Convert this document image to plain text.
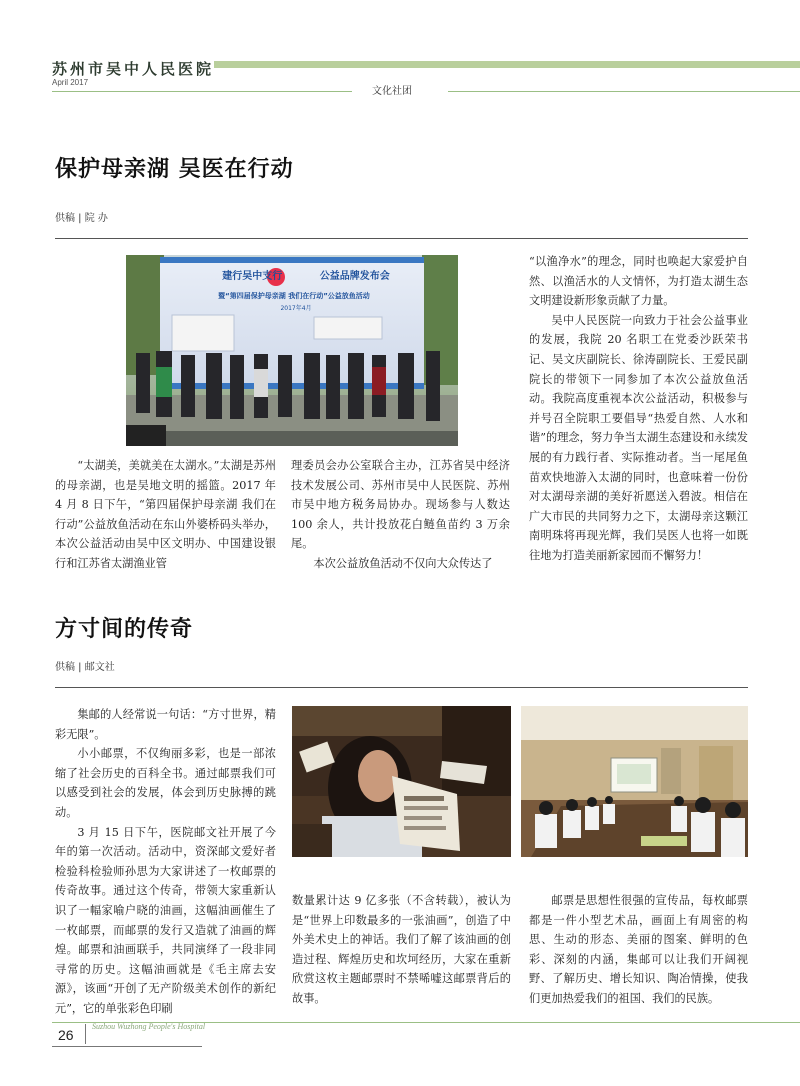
苏州市吴中人民医院
April 2017
文化社团
保护母亲湖 吴医在行动
供稿 | 院 办
建行吴中支行	公益品牌发布会
暨“第四届保护母亲湖 我们在行动”公益放鱼活动
2017年4月

“太湖美，美就美在太湖水。”太湖是苏州的母亲湖，也是吴地文明的摇篮。2017 年 4 月 8 日下午，“第四届保护母亲湖 我们在行动”公益放鱼活动在东山外婆桥码头举办，本次公益活动由吴中区文明办、中国建设银行和江苏省太湖渔业管

理委员会办公室联合主办，江苏省吴中经济技术发展公司、苏州市吴中人民医院、苏州市吴中地方税务局协办。现场参与人数达 100 余人，共计投放花白鲢鱼苗约 3 万余尾。

本次公益放鱼活动不仅向大众传达了

“以渔净水”的理念，同时也唤起大家爱护自然、以渔活水的人文情怀，为打造太湖生态文明建设新形象贡献了力量。

吴中人民医院一向致力于社会公益事业的发展，我院 20 名职工在党委沙跃荣书记、吴文庆副院长、徐涛副院长、王爱民副院长的带领下一同参加了本次公益放鱼活动。我院高度重视本次公益活动，积极参与并号召全院职工要倡导“热爱自然、人水和谐”的理念，努力争当太湖生态建设和永续发展的有力践行者、实际推动者。当一尾尾鱼苗欢快地游入太湖的同时，也意味着一份份对太湖母亲湖的美好祈愿送入碧波。相信在广大市民的共同努力之下，太湖母亲这颗江南明珠将再现光辉，我们吴医人也将一如既往地为打造美丽新家园而不懈努力！

方寸间的传奇
供稿 | 邮文社

集邮的人经常说一句话：“方寸世界，精彩无限”。

小小邮票，不仅绚丽多彩，也是一部浓缩了社会历史的百科全书。通过邮票我们可以感受到社会的发展，体会到历史脉搏的跳动。

3 月 15 日下午，医院邮文社开展了今年的第一次活动。活动中，资深邮文爱好者检验科检验师孙思为大家讲述了一枚邮票的传奇故事。通过这个传奇，带领大家重新认识了一幅家喻户晓的油画，这幅油画催生了一枚邮票，而邮票的发行又造就了油画的辉煌。邮票和油画联手，共同演绎了一段非同寻常的历史。这幅油画就是《毛主席去安源》，该画“开创了无产阶级美术创作的新纪元”，它的单张彩色印刷

数量累计达 9 亿多张（不含转载），被认为是“世界上印数最多的一张油画”，创造了中外美术史上的神话。我们了解了该油画的创造过程、辉煌历史和坎坷经历，大家在重新欣赏这枚主题邮票时不禁唏嘘这邮票背后的故事。

邮票是思想性很强的宣传品，每枚邮票都是一件小型艺术品，画面上有周密的构思、生动的形态、美丽的图案、鲜明的色彩、深刻的内涵，集邮可以让我们开阔视野、了解历史、增长知识、陶冶情操，使我们更加热爱我们的祖国、我们的民族。

26
Suzhou Wuzhong People's Hospital
